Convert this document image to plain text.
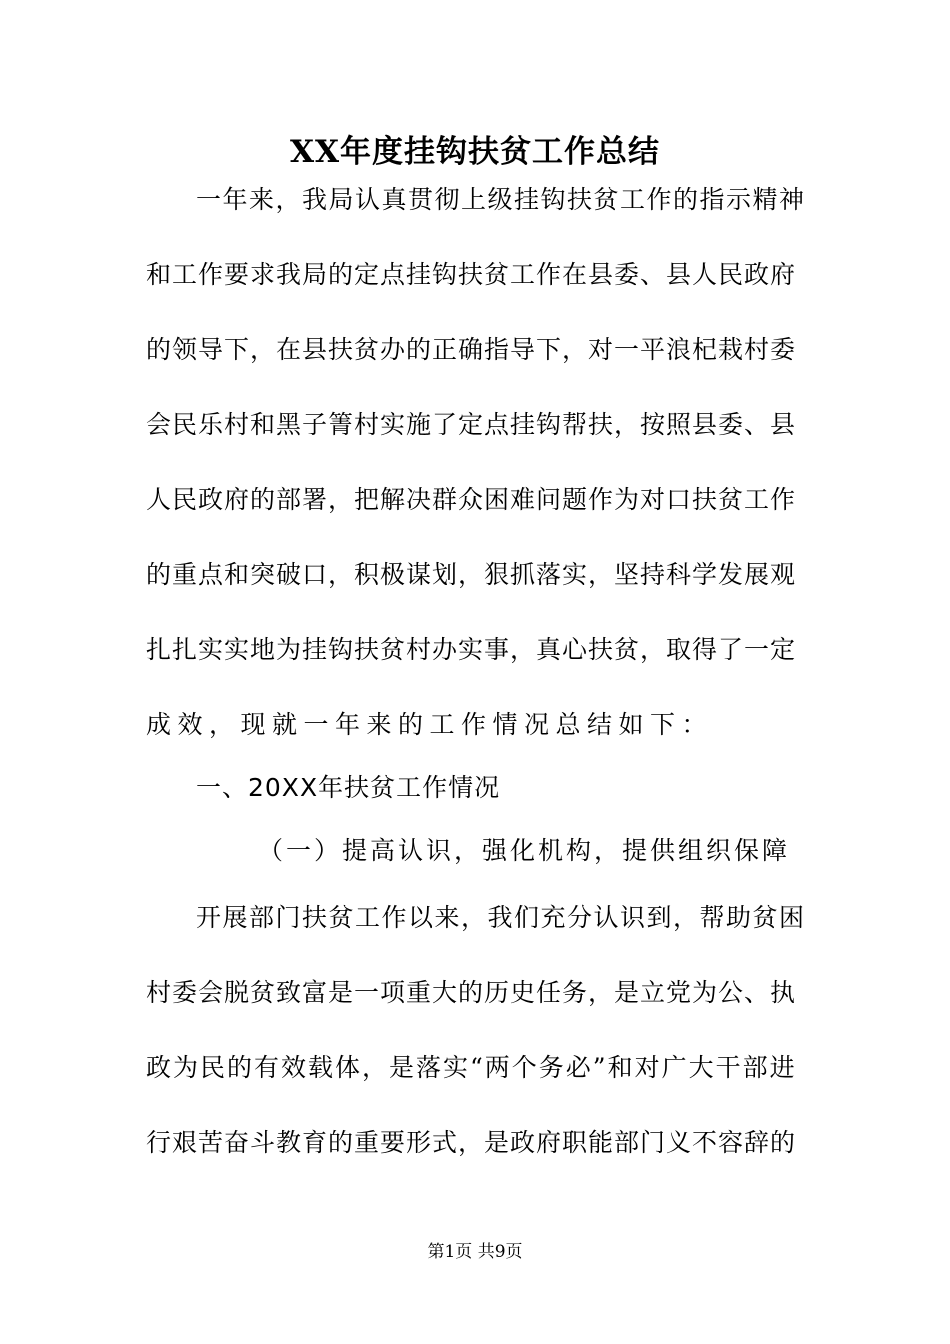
XX年度挂钩扶贫工作总结
一年来，我局认真贯彻上级挂钩扶贫工作的指示精神
和工作要求我局的定点挂钩扶贫工作在县委、县人民政府
的领导下，在县扶贫办的正确指导下，对一平浪杞栽村委
会民乐村和黑子箐村实施了定点挂钩帮扶，按照县委、县
人民政府的部署，把解决群众困难问题作为对口扶贫工作
的重点和突破口，积极谋划，狠抓落实，坚持科学发展观
扎扎实实地为挂钩扶贫村办实事，真心扶贫，取得了一定
成效，现就一年来的工作情况总结如下：
一、20XX年扶贫工作情况
（一）提高认识，强化机构，提供组织保障
开展部门扶贫工作以来，我们充分认识到，帮助贫困
村委会脱贫致富是一项重大的历史任务，是立党为公、执
政为民的有效载体，是落实“两个务必”和对广大干部进
行艰苦奋斗教育的重要形式，是政府职能部门义不容辞的
第1页 共9页
